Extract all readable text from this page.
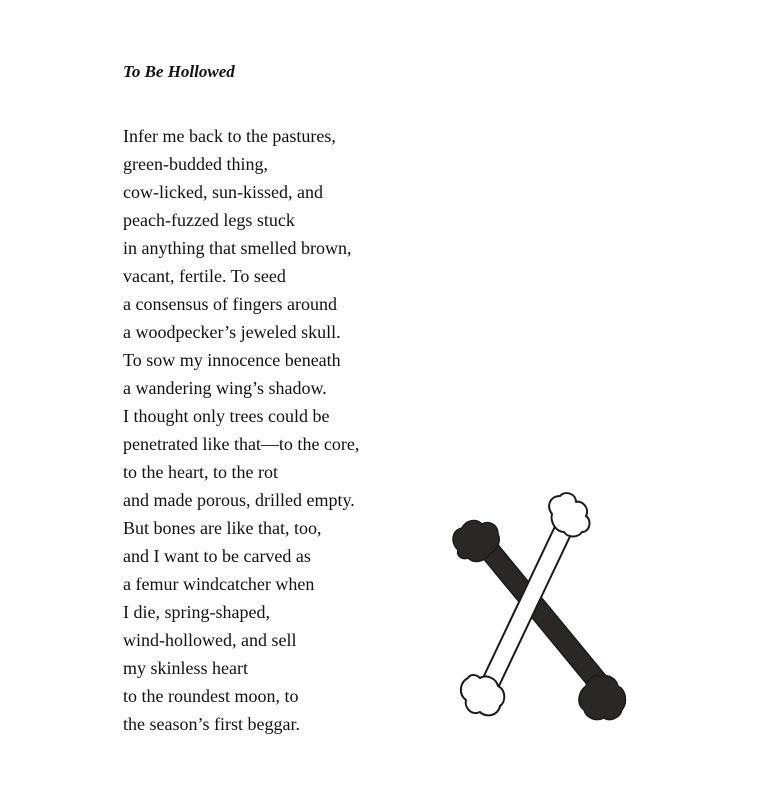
To Be Hollowed
Infer me back to the pastures,
green-budded thing,
cow-licked, sun-kissed, and
peach-fuzzed legs stuck
in anything that smelled brown,
vacant, fertile. To seed
a consensus of fingers around
a woodpecker’s jeweled skull.
To sow my innocence beneath
a wandering wing’s shadow.
I thought only trees could be
penetrated like that—to the core,
to the heart, to the rot
and made porous, drilled empty.
But bones are like that, too,
and I want to be carved as
a femur windcatcher when
I die, spring-shaped,
wind-hollowed, and sell
my skinless heart
to the roundest moon, to
the season’s first beggar.
